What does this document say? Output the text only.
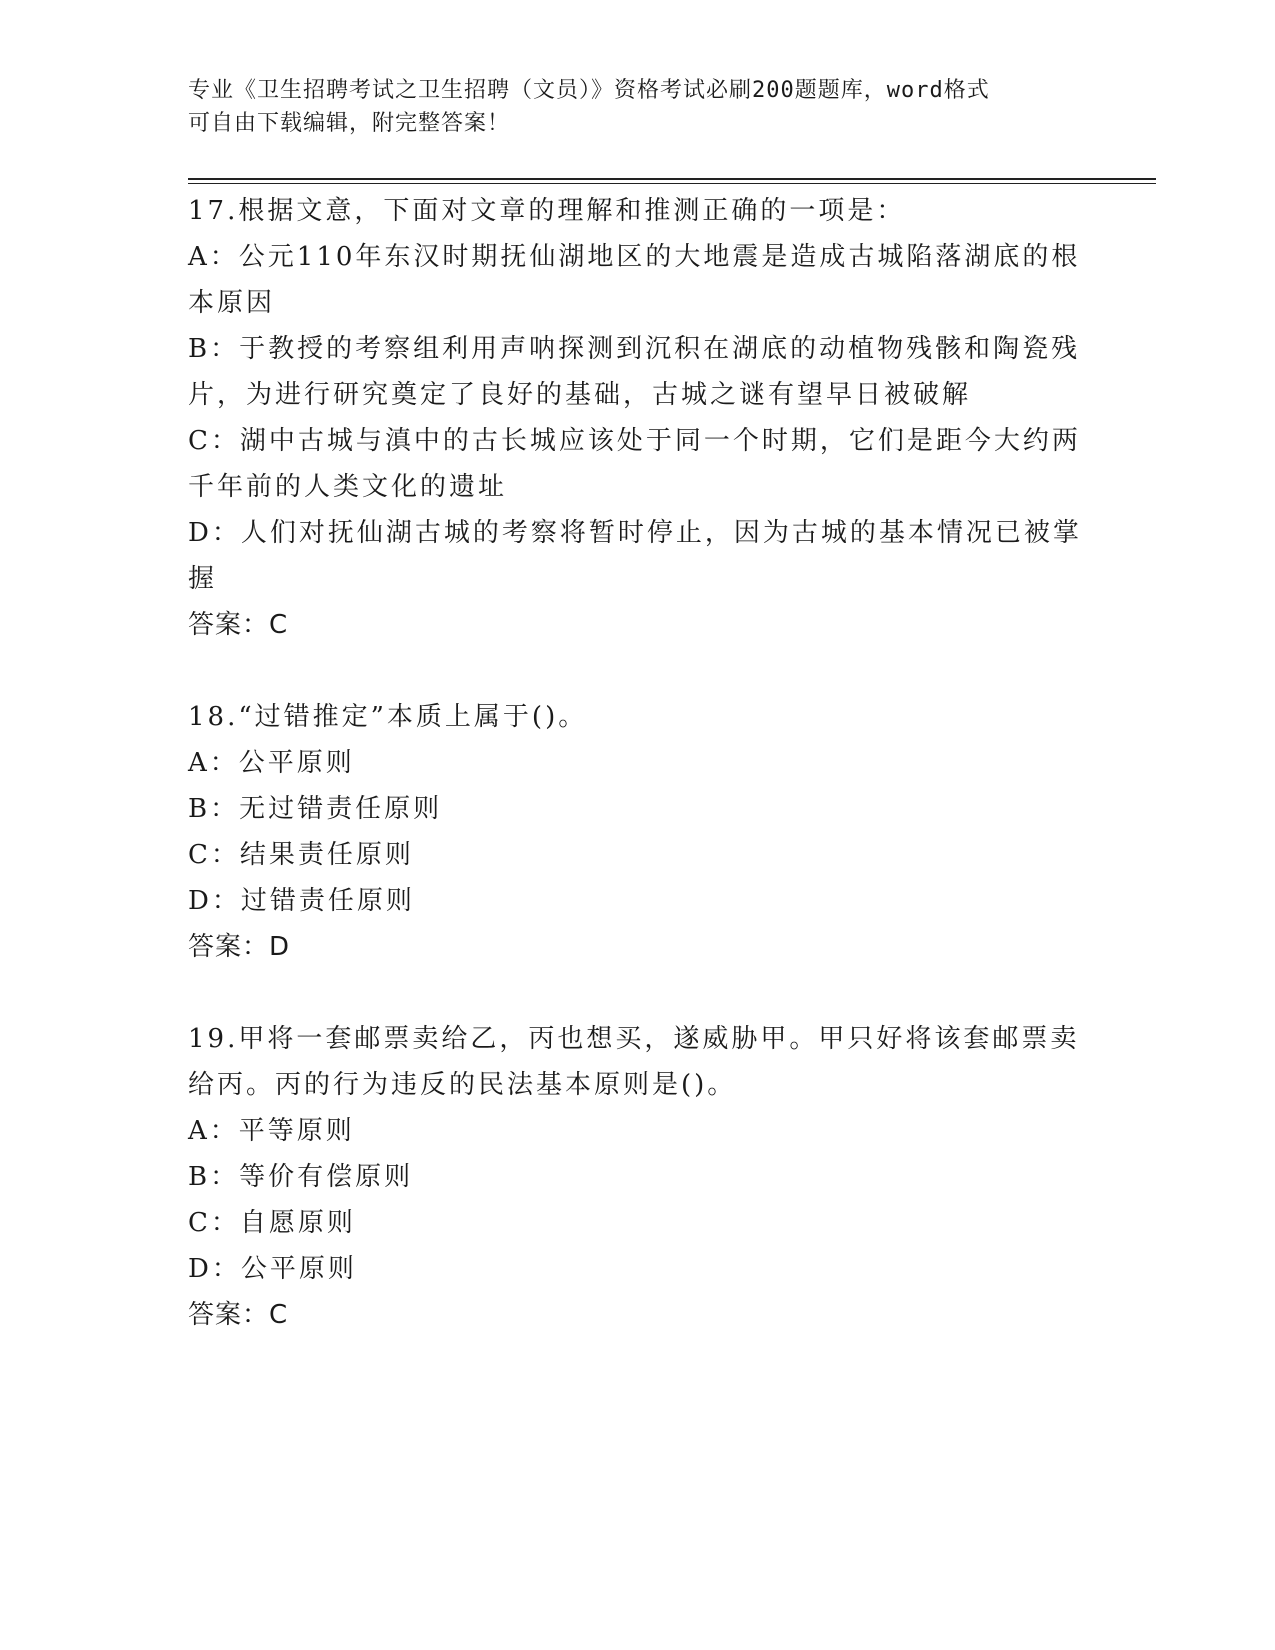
专业《卫生招聘考试之卫生招聘（文员）》资格考试必刷200题题库，word格式
可自由下载编辑，附完整答案！
17.根据文意，下面对文章的理解和推测正确的一项是：
A：公元110年东汉时期抚仙湖地区的大地震是造成古城陷落湖底的根
本原因
B：于教授的考察组利用声呐探测到沉积在湖底的动植物残骸和陶瓷残
片，为进行研究奠定了良好的基础，古城之谜有望早日被破解
C：湖中古城与滇中的古长城应该处于同一个时期，它们是距今大约两
千年前的人类文化的遗址
D：人们对抚仙湖古城的考察将暂时停止，因为古城的基本情况已被掌
握
答案：C
18.“过错推定”本质上属于()。
A：公平原则
B：无过错责任原则
C：结果责任原则
D：过错责任原则
答案：D
19.甲将一套邮票卖给乙，丙也想买，遂威胁甲。甲只好将该套邮票卖
给丙。丙的行为违反的民法基本原则是()。
A：平等原则
B：等价有偿原则
C：自愿原则
D：公平原则
答案：C
